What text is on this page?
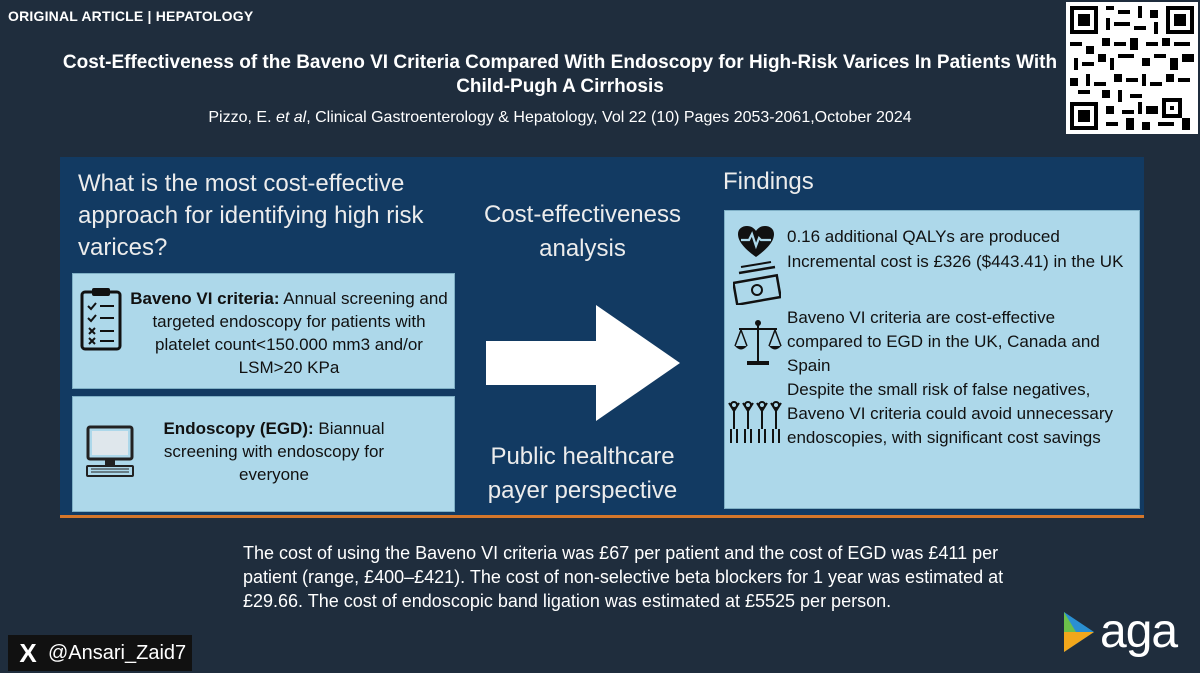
ORIGINAL ARTICLE | HEPATOLOGY
Cost-Effectiveness of the Baveno VI Criteria Compared With Endoscopy for High-Risk Varices In Patients With Child-Pugh A Cirrhosis
Pizzo, E. et al, Clinical Gastroenterology & Hepatology, Vol 22 (10) Pages 2053-2061,October 2024
What is the most cost-effective approach for identifying high risk varices?
Baveno VI criteria: Annual screening and targeted endoscopy for patients with platelet count<150.000 mm3 and/or LSM>20 KPa
Endoscopy (EGD): Biannual screening with endoscopy for everyone
Cost-effectiveness analysis
Public healthcare payer perspective
Findings
0.16 additional QALYs are produced
Incremental cost is £326 ($443.41) in the UK
Baveno VI criteria are cost-effective compared to EGD in the UK, Canada and Spain
Despite the small risk of false negatives, Baveno VI criteria could avoid unnecessary endoscopies, with significant cost savings
The cost of using the Baveno VI criteria was £67 per patient and the cost of EGD was £411 per patient (range, £400–£421). The cost of non-selective beta blockers for 1 year was estimated at £29.66. The cost of endoscopic band ligation was estimated at £5525 per person.
X @Ansari_Zaid7	aga
